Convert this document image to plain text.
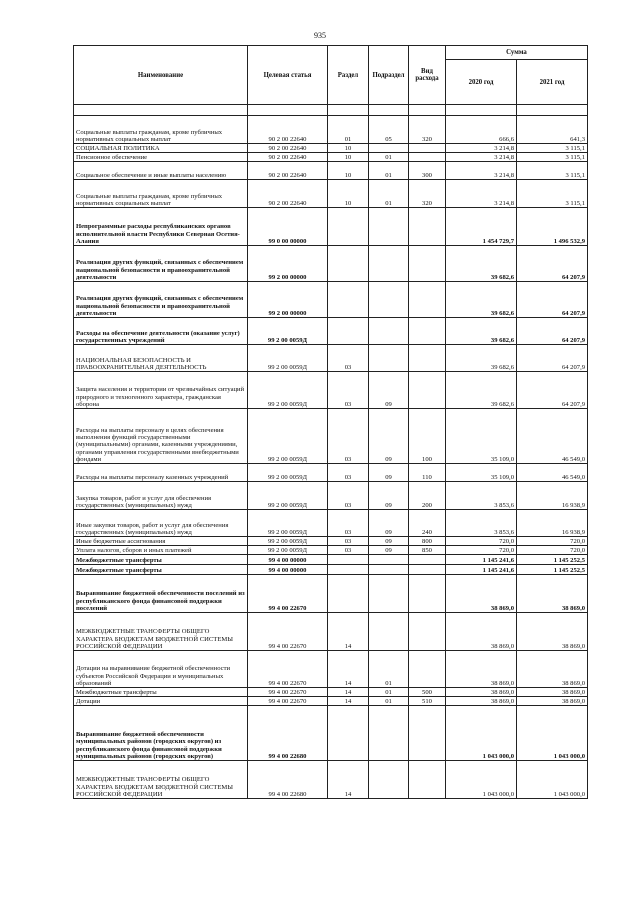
935
Наименование	Целевая статья	Раздел	Подраздел	Вид расхода	Сумма	
					2020 год	2021 год

Социальные выплаты гражданам, кроме публичных нормативных социальных выплат	90 2 00 22640	01	05	320	666,6	641,3
СОЦИАЛЬНАЯ ПОЛИТИКА	90 2 00 22640	10			3 214,8	3 115,1
Пенсионное обеспечение	90 2 00 22640	10	01		3 214,8	3 115,1
Социальное обеспечение и иные выплаты населению	90 2 00 22640	10	01	300	3 214,8	3 115,1
Социальные выплаты гражданам, кроме публичных нормативных социальных выплат	90 2 00 22640	10	01	320	3 214,8	3 115,1
Непрограммные расходы республиканских органов исполнительной власти Республики Северная Осетия-Алания	99 0 00 00000				1 454 729,7	1 496 532,9
Реализация других функций, связанных с обеспечением национальной безопасности и правоохранительной деятельности	99 2 00 00000				39 682,6	64 207,9
Реализация других функций, связанных с обеспечением национальной безопасности и правоохранительной деятельности	99 2 00 00000				39 682,6	64 207,9
Расходы на обеспечение деятельности (оказание услуг) государственных учреждений	99 2 00 0059Д				39 682,6	64 207,9
НАЦИОНАЛЬНАЯ БЕЗОПАСНОСТЬ И ПРАВООХРАНИТЕЛЬНАЯ ДЕЯТЕЛЬНОСТЬ	99 2 00 0059Д	03			39 682,6	64 207,9
Защита населения и территории от чрезвычайных ситуаций природного и техногенного характера, гражданская оборона	99 2 00 0059Д	03	09		39 682,6	64 207,9
Расходы на выплаты персоналу в целях обеспечения выполнения функций государственными (муниципальными) органами, казенными учреждениями, органами управления государственными внебюджетными фондами	99 2 00 0059Д	03	09	100	35 109,0	46 549,0
Расходы на выплаты персоналу казенных учреждений	99 2 00 0059Д	03	09	110	35 109,0	46 549,0
Закупка товаров, работ и услуг для обеспечения государственных (муниципальных) нужд	99 2 00 0059Д	03	09	200	3 853,6	16 938,9
Иные закупки товаров, работ и услуг для обеспечения государственных (муниципальных) нужд	99 2 00 0059Д	03	09	240	3 853,6	16 938,9
Иные бюджетные ассигнования	99 2 00 0059Д	03	09	800	720,0	720,0
Уплата налогов, сборов и иных платежей	99 2 00 0059Д	03	09	850	720,0	720,0
Межбюджетные трансферты	99 4 00 00000				1 145 241,6	1 145 252,5
Межбюджетные трансферты	99 4 00 00000				1 145 241,6	1 145 252,5
Выравнивание бюджетной обеспеченности поселений из республиканского фонда финансовой поддержки поселений	99 4 00 22670				38 869,0	38 869,0
МЕЖБЮДЖЕТНЫЕ ТРАНСФЕРТЫ ОБЩЕГО ХАРАКТЕРА БЮДЖЕТАМ БЮДЖЕТНОЙ СИСТЕМЫ РОССИЙСКОЙ ФЕДЕРАЦИИ	99 4 00 22670	14			38 869,0	38 869,0
Дотации на выравнивание бюджетной обеспеченности субъектов Российской Федерации и муниципальных образований	99 4 00 22670	14	01		38 869,0	38 869,0
Межбюджетные трансферты	99 4 00 22670	14	01	500	38 869,0	38 869,0
Дотации	99 4 00 22670	14	01	510	38 869,0	38 869,0
Выравнивание бюджетной обеспеченности муниципальных районов (городских округов) из республиканского фонда финансовой поддержки муниципальных районов (городских округов)	99 4 00 22680				1 043 000,0	1 043 000,0
МЕЖБЮДЖЕТНЫЕ ТРАНСФЕРТЫ ОБЩЕГО ХАРАКТЕРА БЮДЖЕТАМ БЮДЖЕТНОЙ СИСТЕМЫ РОССИЙСКОЙ ФЕДЕРАЦИИ	99 4 00 22680	14			1 043 000,0	1 043 000,0
